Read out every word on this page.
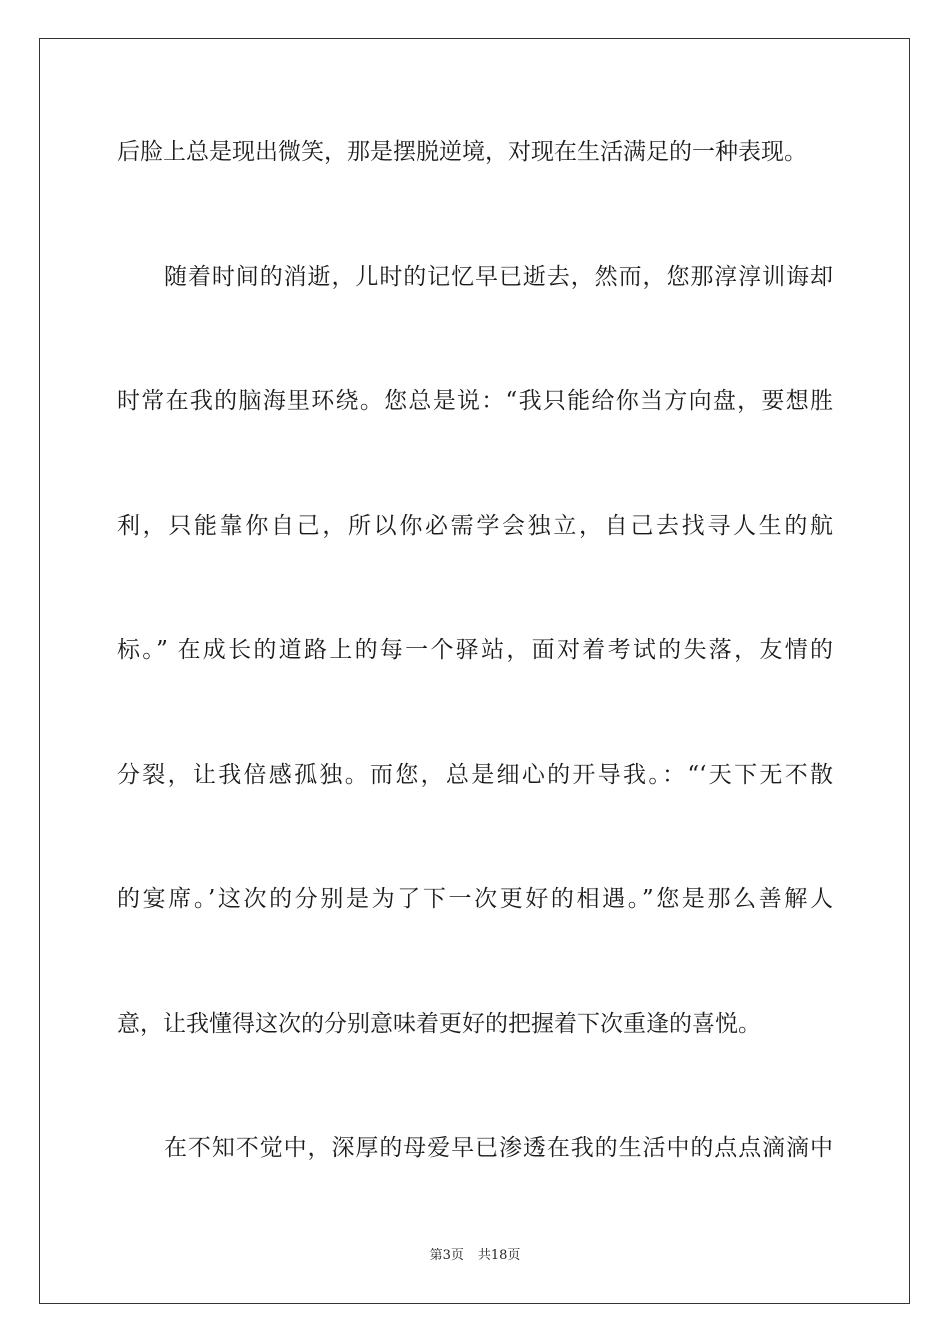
后脸上总是现出微笑，那是摆脱逆境，对现在生活满足的一种表现。
随着时间的消逝，儿时的记忆早已逝去，然而，您那淳淳训诲却
时常在我的脑海里环绕。您总是说：“我只能给你当方向盘，要想胜
利，只能靠你自己，所以你必需学会独立，自己去找寻人生的航
标。” 在成长的道路上的每一个驿站，面对着考试的失落，友情的
分裂，让我倍感孤独。而您，总是细心的开导我。：“‘天下无不散
的宴席。’这次的分别是为了下一次更好的相遇。”您是那么善解人
意，让我懂得这次的分别意味着更好的把握着下次重逢的喜悦。
在不知不觉中，深厚的母爱早已渗透在我的生活中的点点滴滴中
第3页 共18页
